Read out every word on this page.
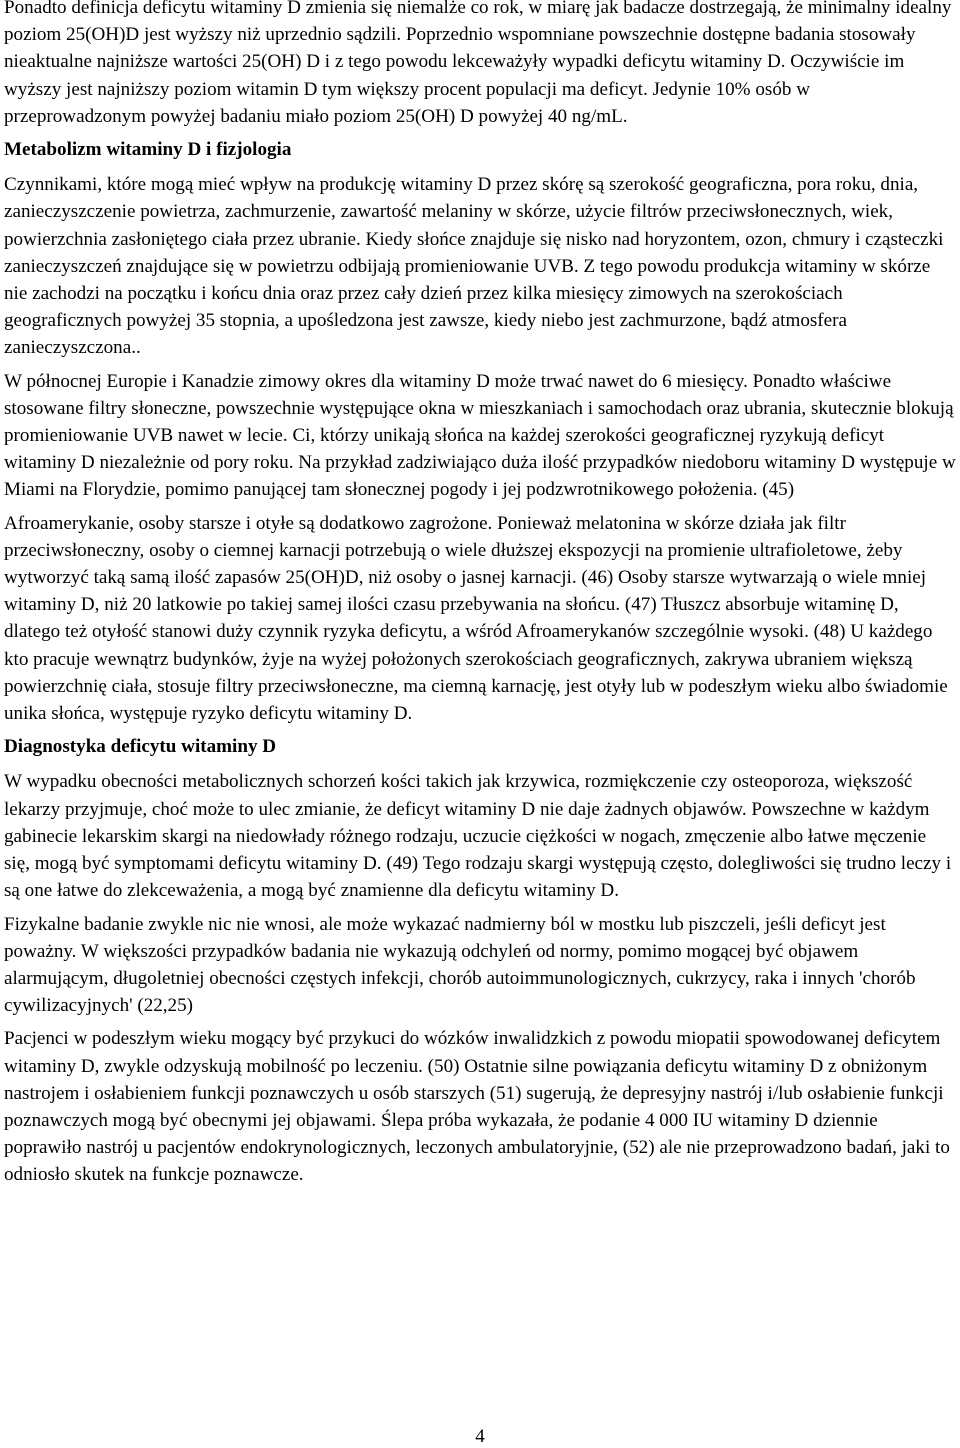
Ponadto definicja deficytu witaminy D zmienia się niemalże co rok, w miarę jak badacze dostrzegają, że minimalny idealny poziom 25(OH)D jest wyższy niż uprzednio sądzili. Poprzednio wspomniane powszechnie dostępne badania stosowały nieaktualne najniższe wartości 25(OH) D i z tego powodu lekceważyły wypadki deficytu witaminy D. Oczywiście im wyższy jest najniższy poziom witamin D tym większy procent populacji ma deficyt. Jedynie 10% osób w przeprowadzonym powyżej badaniu miało poziom 25(OH) D powyżej 40 ng/mL.

Metabolizm witaminy D i fizjologia

Czynnikami, które mogą mieć wpływ na produkcję witaminy D przez skórę są szerokość geograficzna, pora roku, dnia, zanieczyszczenie powietrza, zachmurzenie, zawartość melaniny w skórze, użycie filtrów przeciwsłonecznych, wiek, powierzchnia zasłoniętego ciała przez ubranie. Kiedy słońce znajduje się nisko nad horyzontem, ozon, chmury i cząsteczki zanieczyszczeń znajdujące się w powietrzu odbijają promieniowanie UVB. Z tego powodu produkcja witaminy w skórze nie zachodzi na początku i końcu dnia oraz przez cały dzień przez kilka miesięcy zimowych na szerokościach geograficznych powyżej 35 stopnia, a upośledzona jest zawsze, kiedy niebo jest zachmurzone, bądź atmosfera zanieczyszczona..

W północnej Europie i Kanadzie zimowy okres dla witaminy D może trwać nawet do 6 miesięcy. Ponadto właściwe stosowane filtry słoneczne, powszechnie występujące okna w mieszkaniach i samochodach oraz ubrania, skutecznie blokują promieniowanie UVB nawet w lecie. Ci, którzy unikają słońca na każdej szerokości geograficznej ryzykują deficyt witaminy D niezależnie od pory roku. Na przykład zadziwiająco duża ilość przypadków niedoboru witaminy D występuje w Miami na Florydzie, pomimo panującej tam słonecznej pogody i jej podzwrotnikowego położenia. (45)

Afroamerykanie, osoby starsze i otyłe są dodatkowo zagrożone. Ponieważ melatonina w skórze działa jak filtr przeciwsłoneczny, osoby o ciemnej karnacji potrzebują o wiele dłuższej ekspozycji na promienie ultrafioletowe, żeby wytworzyć taką samą ilość zapasów 25(OH)D, niż osoby o jasnej karnacji. (46) Osoby starsze wytwarzają o wiele mniej witaminy D, niż 20 latkowie po takiej samej ilości czasu przebywania na słońcu. (47) Tłuszcz absorbuje witaminę D, dlatego też otyłość stanowi duży czynnik ryzyka deficytu, a wśród Afroamerykanów szczególnie wysoki. (48) U każdego kto pracuje wewnątrz budynków, żyje na wyżej położonych szerokościach geograficznych, zakrywa ubraniem większą powierzchnię ciała, stosuje filtry przeciwsłoneczne, ma ciemną karnację, jest otyły lub w podeszłym wieku albo świadomie unika słońca, występuje ryzyko deficytu witaminy D.

Diagnostyka deficytu witaminy D

W wypadku obecności metabolicznych schorzeń kości takich jak krzywica, rozmiękczenie czy osteoporoza, większość lekarzy przyjmuje, choć może to ulec zmianie, że deficyt witaminy D nie daje żadnych objawów. Powszechne w każdym gabinecie lekarskim skargi na niedowłady różnego rodzaju, uczucie ciężkości w nogach, zmęczenie albo łatwe męczenie się, mogą być symptomami deficytu witaminy D. (49) Tego rodzaju skargi występują często, dolegliwości się trudno leczy i są one łatwe do zlekceważenia, a mogą być znamienne dla deficytu witaminy D.

Fizykalne badanie zwykle nic nie wnosi, ale może wykazać nadmierny ból w mostku lub piszczeli, jeśli deficyt jest poważny. W większości przypadków badania nie wykazują odchyleń od normy, pomimo mogącej być objawem alarmującym, długoletniej obecności częstych infekcji, chorób autoimmunologicznych, cukrzycy, raka i innych 'chorób cywilizacyjnych' (22,25)

Pacjenci w podeszłym wieku mogący być przykuci do wózków inwalidzkich z powodu miopatii spowodowanej deficytem witaminy D, zwykle odzyskują mobilność po leczeniu. (50) Ostatnie silne powiązania deficytu witaminy D z obniżonym nastrojem i osłabieniem funkcji poznawczych u osób starszych (51) sugerują, że depresyjny nastrój i/lub osłabienie funkcji poznawczych mogą być obecnymi jej objawami. Ślepa próba wykazała, że podanie 4 000 IU witaminy D dziennie poprawiło nastrój u pacjentów endokrynologicznych, leczonych ambulatoryjnie, (52) ale nie przeprowadzono badań, jaki to odniosło skutek na funkcje poznawcze.

4
